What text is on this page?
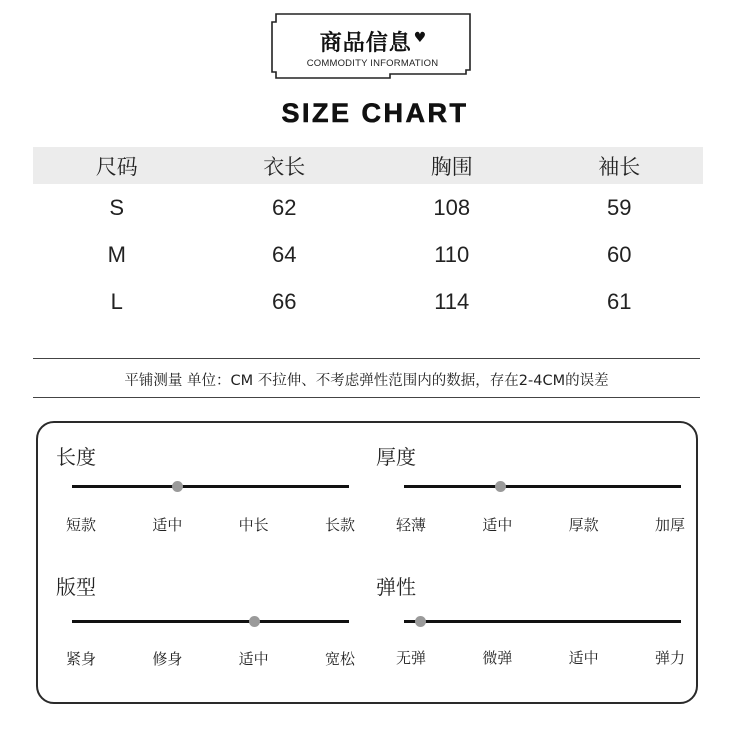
商品信息 ♥
COMMODITY INFORMATION
SIZE CHART
尺码	衣长	胸围	袖长
S	62	108	59
M	64	110	60
L	66	114	61
平铺测量 单位：CM 不拉伸、不考虑弹性范围内的数据，存在2-4CM的误差
长度
短款	适中	中长	长款
厚度
轻薄	适中	厚款	加厚
版型
紧身	修身	适中	宽松
弹性
无弹	微弹	适中	弹力
